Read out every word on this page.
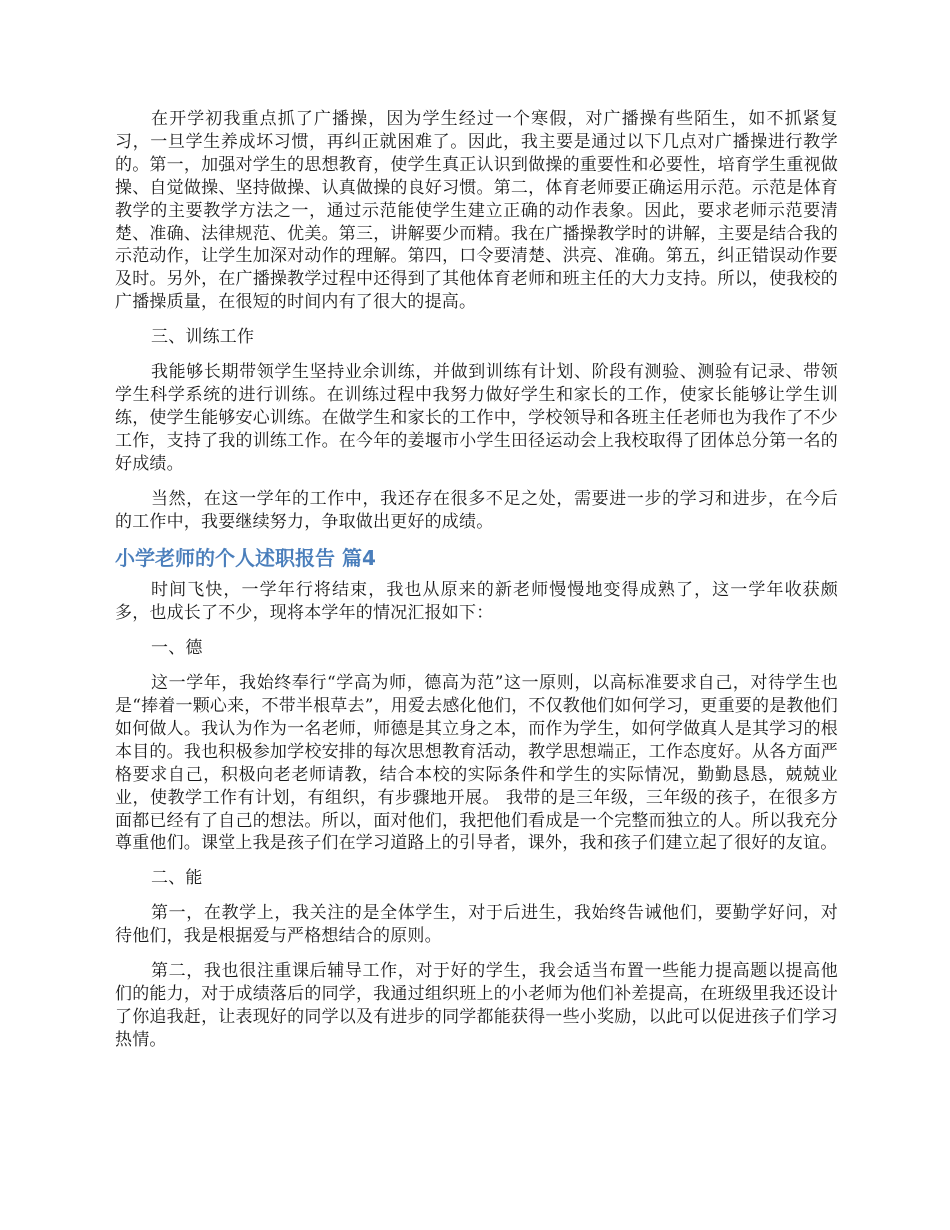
在开学初我重点抓了广播操，因为学生经过一个寒假，对广播操有些陌生，如不抓紧复习，一旦学生养成坏习惯，再纠正就困难了。因此，我主要是通过以下几点对广播操进行教学的。第一，加强对学生的思想教育，使学生真正认识到做操的重要性和必要性，培育学生重视做操、自觉做操、坚持做操、认真做操的良好习惯。第二，体育老师要正确运用示范。示范是体育教学的主要教学方法之一，通过示范能使学生建立正确的动作表象。因此，要求老师示范要清楚、准确、法律规范、优美。第三，讲解要少而精。我在广播操教学时的讲解，主要是结合我的示范动作，让学生加深对动作的理解。第四，口令要清楚、洪亮、准确。第五，纠正错误动作要及时。另外，在广播操教学过程中还得到了其他体育老师和班主任的大力支持。所以，使我校的广播操质量，在很短的时间内有了很大的提高。

三、训练工作

我能够长期带领学生坚持业余训练，并做到训练有计划、阶段有测验、测验有记录、带领学生科学系统的进行训练。在训练过程中我努力做好学生和家长的工作，使家长能够让学生训练，使学生能够安心训练。在做学生和家长的工作中，学校领导和各班主任老师也为我作了不少工作，支持了我的训练工作。在今年的姜堰市小学生田径运动会上我校取得了团体总分第一名的好成绩。

当然，在这一学年的工作中，我还存在很多不足之处，需要进一步的学习和进步，在今后的工作中，我要继续努力，争取做出更好的成绩。

小学老师的个人述职报告 篇4

时间飞快，一学年行将结束，我也从原来的新老师慢慢地变得成熟了，这一学年收获颇多，也成长了不少，现将本学年的情况汇报如下：

一、德

这一学年，我始终奉行“学高为师，德高为范”这一原则，以高标准要求自己，对待学生也是“捧着一颗心来，不带半根草去”，用爱去感化他们，不仅教他们如何学习，更重要的是教他们如何做人。我认为作为一名老师，师德是其立身之本，而作为学生，如何学做真人是其学习的根本目的。我也积极参加学校安排的每次思想教育活动，教学思想端正，工作态度好。从各方面严格要求自己，积极向老老师请教，结合本校的实际条件和学生的实际情况，勤勤恳恳，兢兢业业，使教学工作有计划，有组织，有步骤地开展。 我带的是三年级，三年级的孩子，在很多方面都已经有了自己的想法。所以，面对他们，我把他们看成是一个完整而独立的人。所以我充分尊重他们。课堂上我是孩子们在学习道路上的引导者，课外，我和孩子们建立起了很好的友谊。

二、能

第一，在教学上，我关注的是全体学生，对于后进生，我始终告诫他们，要勤学好问，对待他们，我是根据爱与严格想结合的原则。

第二，我也很注重课后辅导工作，对于好的学生，我会适当布置一些能力提高题以提高他们的能力，对于成绩落后的同学，我通过组织班上的小老师为他们补差提高，在班级里我还设计了你追我赶，让表现好的同学以及有进步的同学都能获得一些小奖励，以此可以促进孩子们学习热情。
